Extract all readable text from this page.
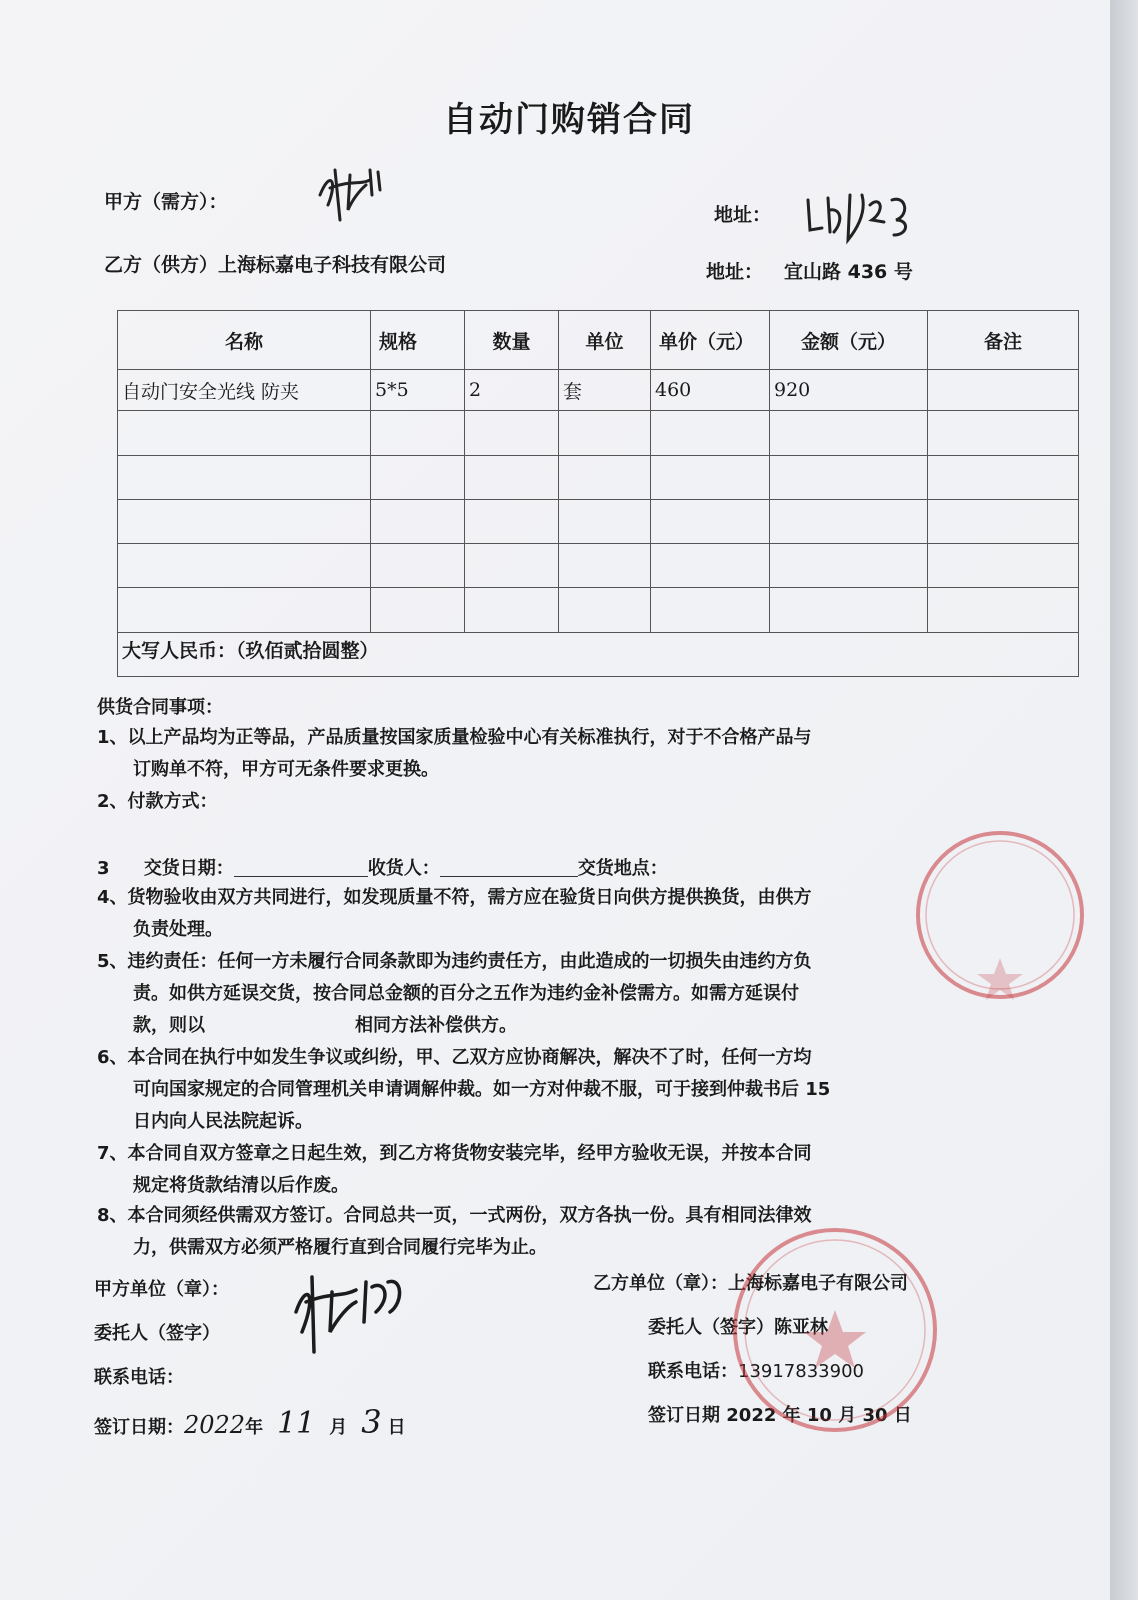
自动门购销合同
甲方（需方）：
地址：
乙方（供方）上海标嘉电子科技有限公司	地址： 宜山路 436 号
名称	规格	数量	单位	单价（元）	金额（元）	备注
自动门安全光线 防夹	5*5	2	套	460	920	

大写人民币：（玖佰贰拾圆整）						
供货合同事项：
1、以上产品均为正等品，产品质量按国家质量检验中心有关标准执行，对于不合格产品与
订购单不符，甲方可无条件要求更换。
2、付款方式：
3 交货日期：	收货人：	交货地点：
4、货物验收由双方共同进行，如发现质量不符，需方应在验货日向供方提供换货，由供方
负责处理。
5、违约责任：任何一方未履行合同条款即为违约责任方，由此造成的一切损失由违约方负
责。如供方延误交货，按合同总金额的百分之五作为违约金补偿需方。如需方延误付
款，则以	相同方法补偿供方。
6、本合同在执行中如发生争议或纠纷，甲、乙双方应协商解决，解决不了时，任何一方均
可向国家规定的合同管理机关申请调解仲裁。如一方对仲裁不服，可于接到仲裁书后 15
日内向人民法院起诉。
7、本合同自双方签章之日起生效，到乙方将货物安装完毕，经甲方验收无误，并按本合同
规定将货款结清以后作废。
8、本合同须经供需双方签订。合同总共一页，一式两份，双方各执一份。具有相同法律效
力，供需双方必须严格履行直到合同履行完毕为止。
甲方单位（章）：
委托人（签字）
联系电话：
签订日期：2022年 11 月 3 日
乙方单位（章）：上海标嘉电子有限公司
委托人（签字）陈亚林
联系电话：13917833900
签订日期 2022 年 10 月 30 日
